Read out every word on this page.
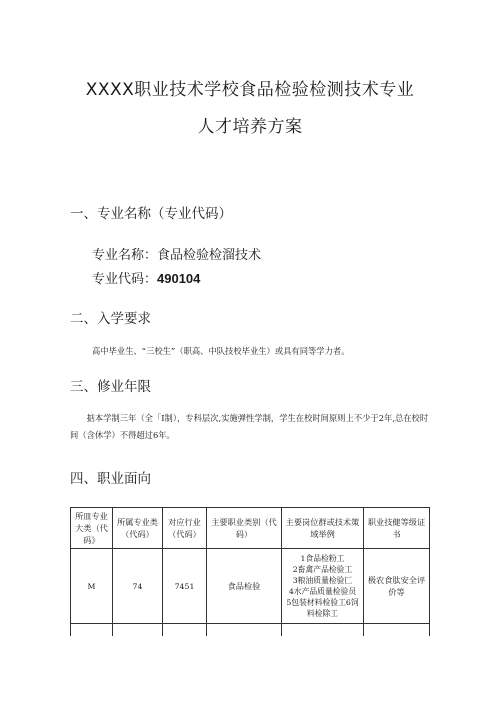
XXXX职业技术学校食品检验检测技术专业
人才培养方案
一、专业名称（专业代码）
专业名称：食品检验检溜技术
专业代码：490104
二、入学要求
高中毕业生、“三校生”（职高、中队技校毕业生）或具有同等学力者。
三、修业年限
　　掂本学制三年（全「I制），专科层次,实施弹性学制，学生在校时间原则上不少于2年,总在校时间（含休学）不得超过6年。
四、职业面向
所皿专业大类（代码》	所属专业类（代码）	对应行业（代码）	主要职业类别（代码）	主要岗位群或技术策域举例	职业技健等级证书
M	74	7451	食品检验	1食品检粉工
2畜禽产品检验工
3粮油质量检验匚
4水产品质量检验员
5包装材料检验工6饲料检除工	极农食肽安全评价等
